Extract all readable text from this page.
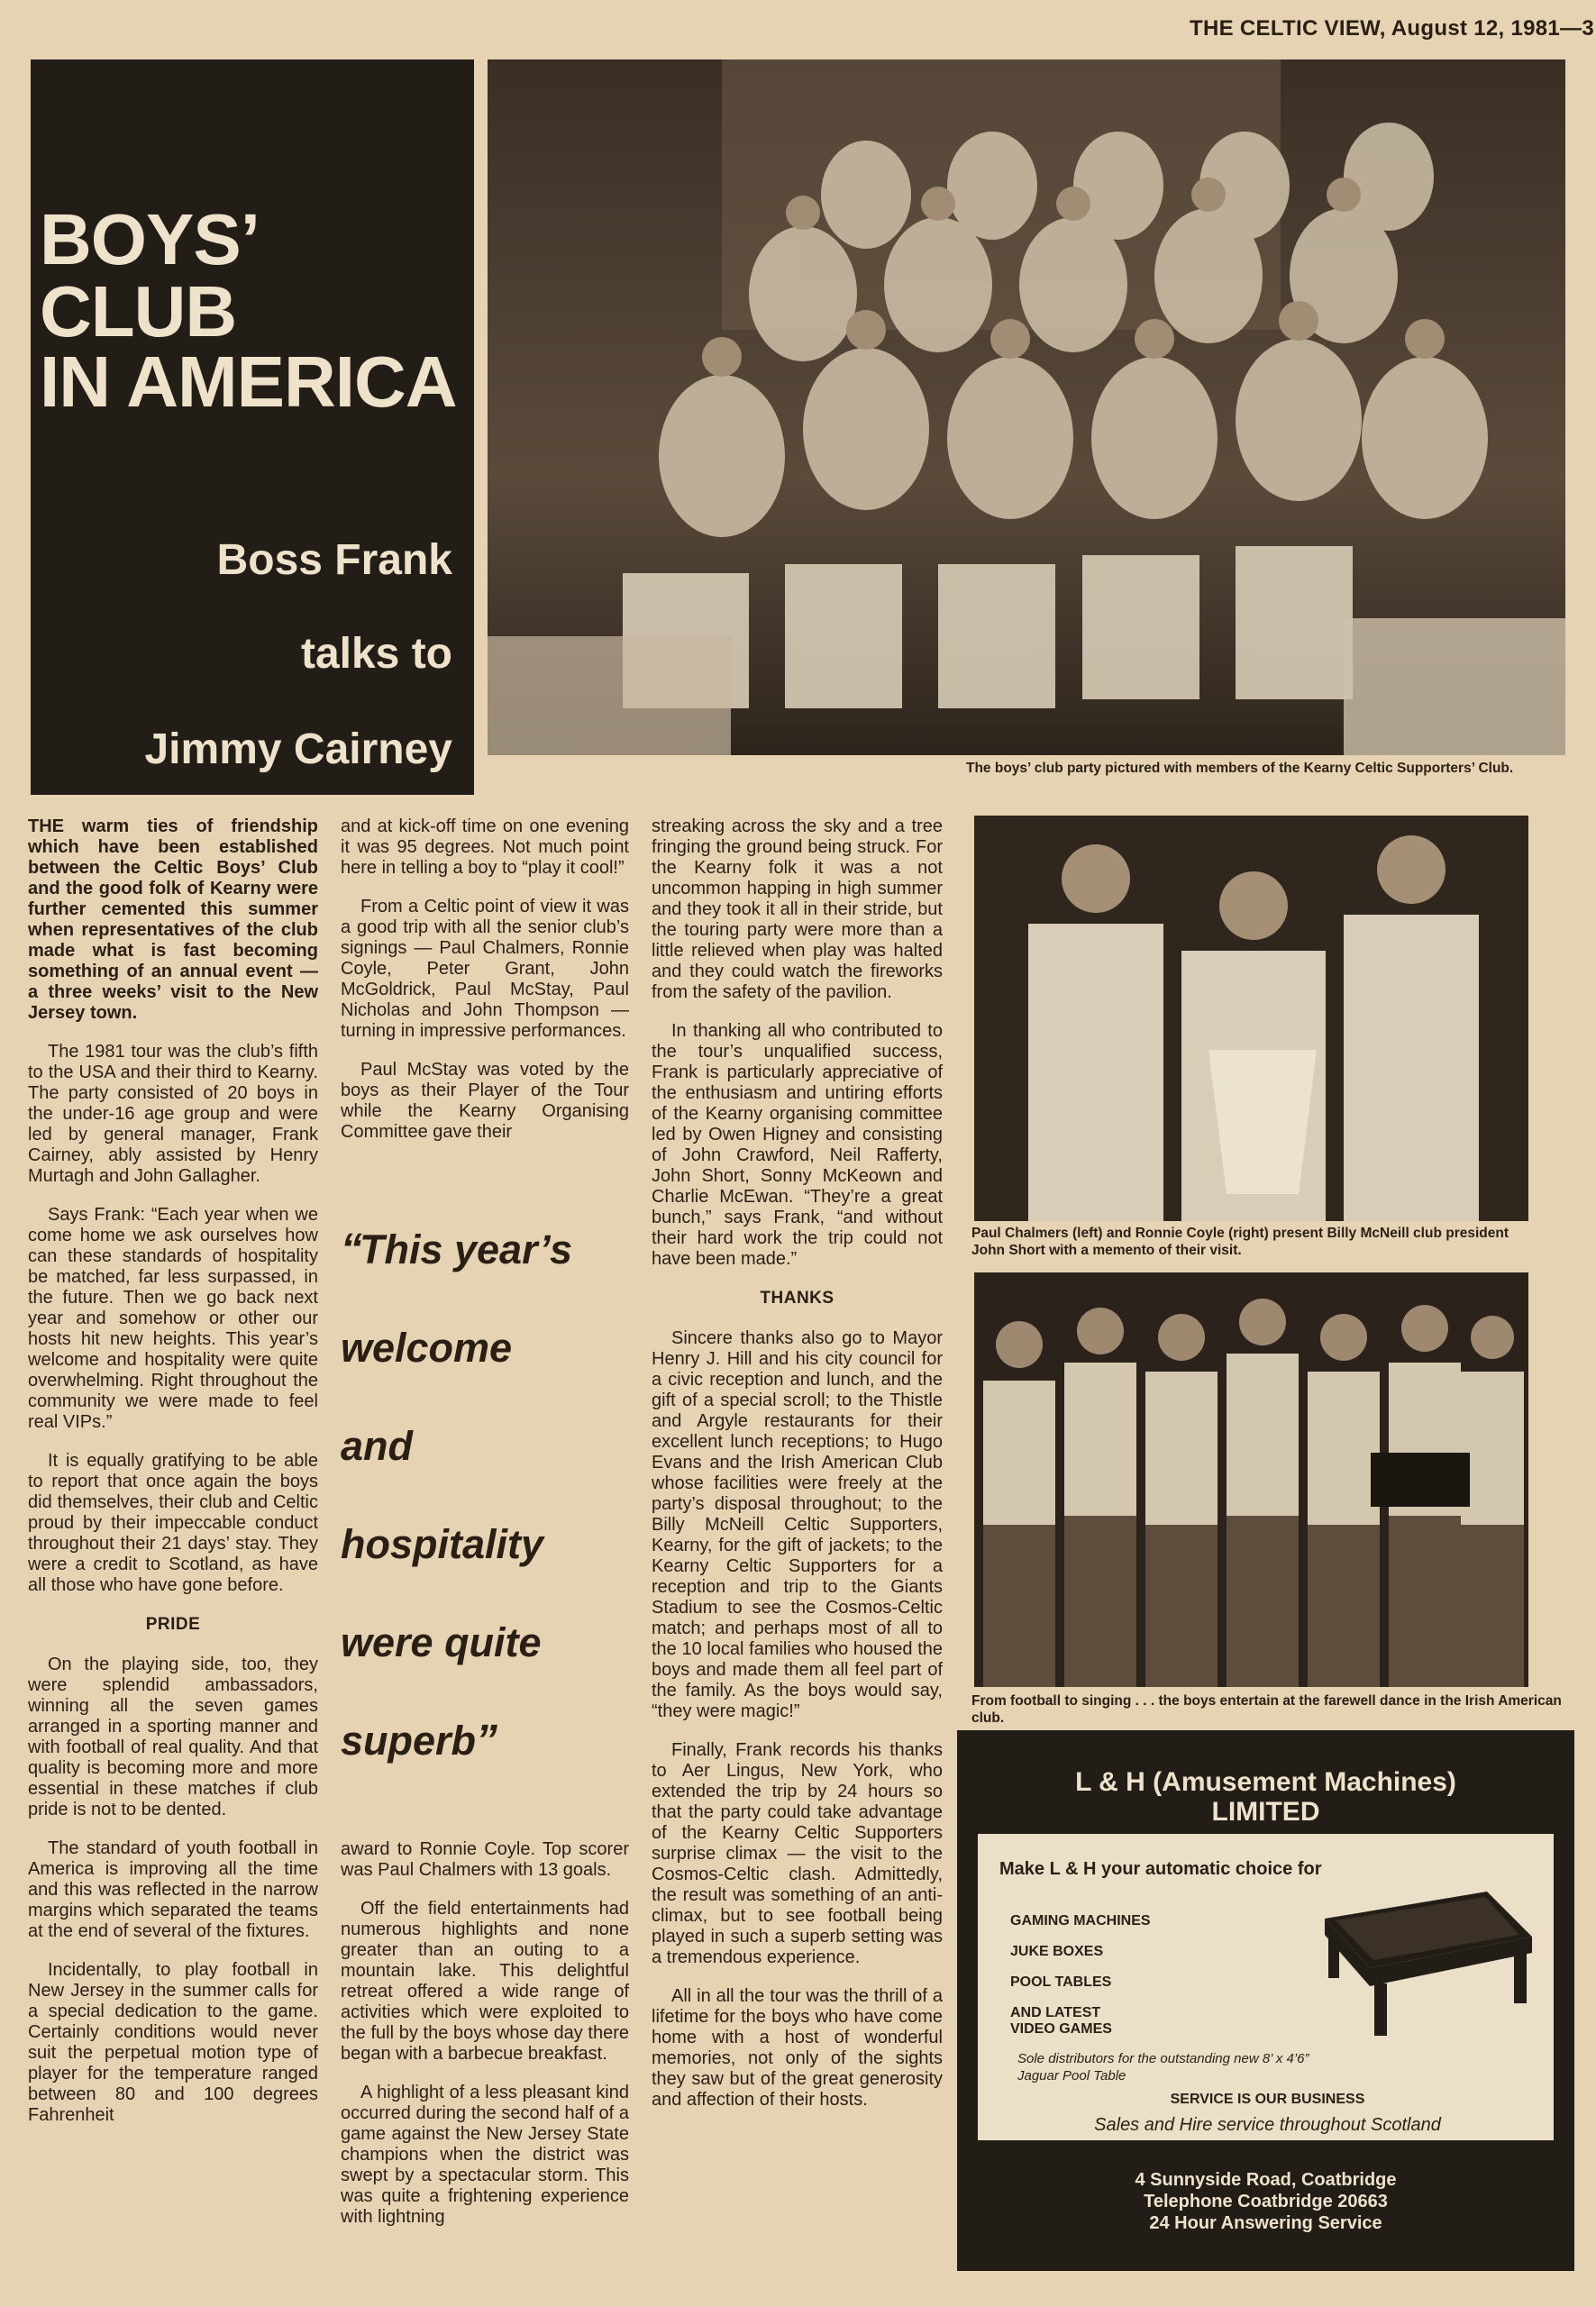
THE CELTIC VIEW, August 12, 1981—3
BOYS’ CLUB
IN AMERICA
Boss Frank
talks to
Jimmy Cairney	The boys’ club party pictured with members of the Kearny Celtic Supporters’ Club.
Paul Chalmers (left) and Ronnie Coyle (right) present Billy McNeill club president John Short with a memento of their visit.
From football to singing . . . the boys entertain at the farewell dance in the Irish American club.

THE warm ties of friendship which have been established between the Celtic Boys’ Club and the good folk of Kearny were further cemented this summer when representatives of the club made what is fast becoming something of an annual event — a three weeks’ visit to the New Jersey town.

The 1981 tour was the club’s fifth to the USA and their third to Kearny. The party consisted of 20 boys in the under-16 age group and were led by general manager, Frank Cairney, ably assisted by Henry Murtagh and John Gallagher.

Says Frank: “Each year when we come home we ask ourselves how can these standards of hospitality be matched, far less surpassed, in the future. Then we go back next year and somehow or other our hosts hit new heights. This year’s welcome and hospitality were quite overwhelming. Right throughout the community we were made to feel real VIPs.”

It is equally gratifying to be able to report that once again the boys did themselves, their club and Celtic proud by their impeccable conduct throughout their 21 days’ stay. They were a credit to Scotland, as have all those who have gone before.

PRIDE

On the playing side, too, they were splendid ambassadors, winning all the seven games arranged in a sporting manner and with football of real quality. And that quality is becoming more and more essential in these matches if club pride is not to be dented.

The standard of youth football in America is improving all the time and this was reflected in the narrow margins which separated the teams at the end of several of the fixtures.

Incidentally, to play football in New Jersey in the summer calls for a special dedication to the game. Certainly conditions would never suit the perpetual motion type of player for the temperature ranged between 80 and 100 degrees Fahrenheit

and at kick-off time on one evening it was 95 degrees. Not much point here in telling a boy to “play it cool!”

From a Celtic point of view it was a good trip with all the senior club’s signings — Paul Chalmers, Ronnie Coyle, Peter Grant, John McGoldrick, Paul McStay, Paul Nicholas and John Thompson — turning in impressive performances.

Paul McStay was voted by the boys as their Player of the Tour while the Kearny Organising Committee gave their

“This year’s
welcome
and
hospitality
were quite
superb”

award to Ronnie Coyle. Top scorer was Paul Chalmers with 13 goals.

Off the field entertainments had numerous highlights and none greater than an outing to a mountain lake. This delightful retreat offered a wide range of activities which were exploited to the full by the boys whose day there began with a barbecue breakfast.

A highlight of a less pleasant kind occurred during the second half of a game against the New Jersey State champions when the district was swept by a spectacular storm. This was quite a frightening experience with lightning

streaking across the sky and a tree fringing the ground being struck. For the Kearny folk it was a not uncommon happing in high summer and they took it all in their stride, but the touring party were more than a little relieved when play was halted and they could watch the fireworks from the safety of the pavilion.

In thanking all who contributed to the tour’s unqualified success, Frank is particularly appreciative of the enthusiasm and untiring efforts of the Kearny organising committee led by Owen Higney and consisting of John Crawford, Neil Rafferty, John Short, Sonny McKeown and Charlie McEwan. “They’re a great bunch,” says Frank, “and without their hard work the trip could not have been made.”

THANKS

Sincere thanks also go to Mayor Henry J. Hill and his city council for a civic reception and lunch, and the gift of a special scroll; to the Thistle and Argyle restaurants for their excellent lunch receptions; to Hugo Evans and the Irish American Club whose facilities were freely at the party’s disposal throughout; to the Billy McNeill Celtic Supporters, Kearny, for the gift of jackets; to the Kearny Celtic Supporters for a reception and trip to the Giants Stadium to see the Cosmos-Celtic match; and perhaps most of all to the 10 local families who housed the boys and made them all feel part of the family. As the boys would say, “they were magic!”

Finally, Frank records his thanks to Aer Lingus, New York, who extended the trip by 24 hours so that the party could take advantage of the Kearny Celtic Supporters surprise climax — the visit to the Cosmos-Celtic clash. Admittedly, the result was something of an anti-climax, but to see football being played in such a superb setting was a tremendous experience.

All in all the tour was the thrill of a lifetime for the boys who have come home with a host of wonderful memories, not only of the sights they saw but of the great generosity and affection of their hosts.

L & H (Amusement Machines)
LIMITED
Make L & H your automatic choice for
GAMING MACHINES
JUKE BOXES
POOL TABLES
AND LATEST VIDEO GAMES
Sole distributors for the outstanding new 8’ x 4’6” Jaguar Pool Table
SERVICE IS OUR BUSINESS
Sales and Hire service throughout Scotland
4 Sunnyside Road, Coatbridge
Telephone Coatbridge 20663
24 Hour Answering Service
